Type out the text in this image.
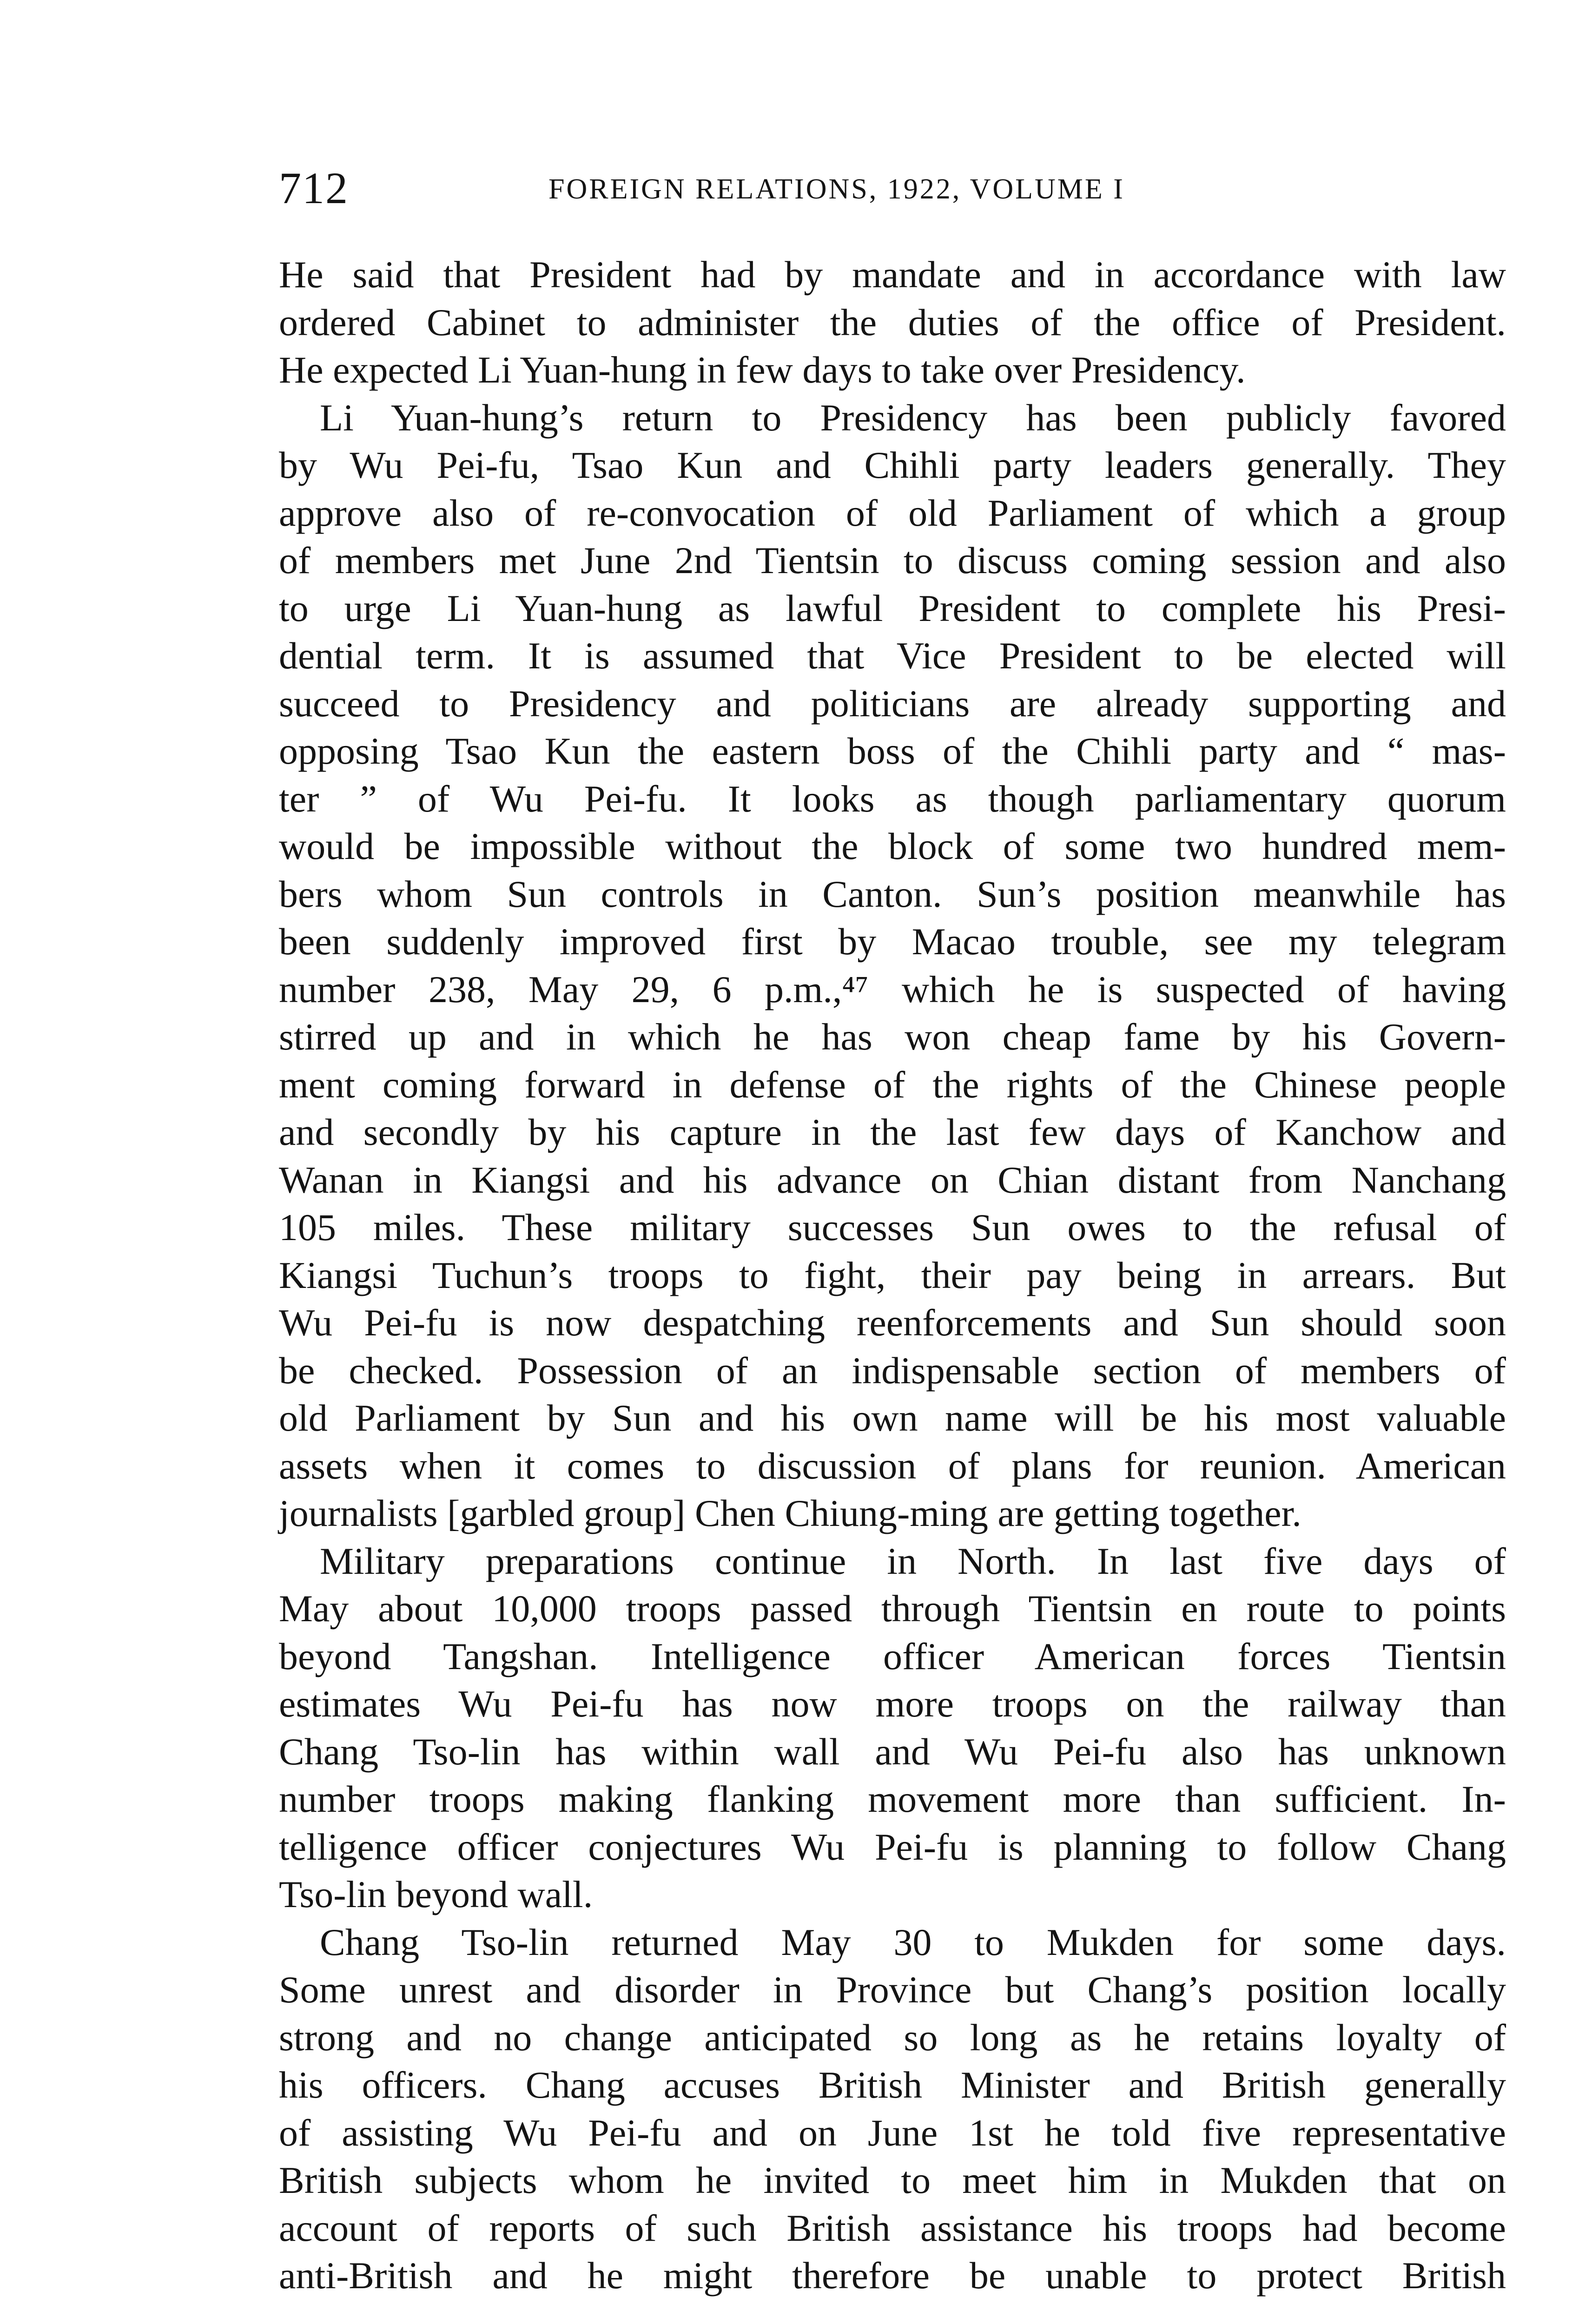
712	FOREIGN RELATIONS, 1922, VOLUME I
He said that President had by mandate and in accordance with law
ordered Cabinet to administer the duties of the office of President.
He expected Li Yuan-hung in few days to take over Presidency.
Li Yuan-hung’s return to Presidency has been publicly favored
by Wu Pei-fu, Tsao Kun and Chihli party leaders generally. They
approve also of re-convocation of old Parliament of which a group
of members met June 2nd Tientsin to discuss coming session and also
to urge Li Yuan-hung as lawful President to complete his Presi-
dential term. It is assumed that Vice President to be elected will
succeed to Presidency and politicians are already supporting and
opposing Tsao Kun the eastern boss of the Chihli party and “ mas-
ter ” of Wu Pei-fu. It looks as though parliamentary quorum
would be impossible without the block of some two hundred mem-
bers whom Sun controls in Canton. Sun’s position meanwhile has
been suddenly improved first by Macao trouble, see my telegram
number 238, May 29, 6 p.m.,⁴⁷ which he is suspected of having
stirred up and in which he has won cheap fame by his Govern-
ment coming forward in defense of the rights of the Chinese people
and secondly by his capture in the last few days of Kanchow and
Wanan in Kiangsi and his advance on Chian distant from Nanchang
105 miles. These military successes Sun owes to the refusal of
Kiangsi Tuchun’s troops to fight, their pay being in arrears. But
Wu Pei-fu is now despatching reenforcements and Sun should soon
be checked. Possession of an indispensable section of members of
old Parliament by Sun and his own name will be his most valuable
assets when it comes to discussion of plans for reunion. American
journalists [garbled group] Chen Chiung-ming are getting together.
Military preparations continue in North. In last five days of
May about 10,000 troops passed through Tientsin en route to points
beyond Tangshan. Intelligence officer American forces Tientsin
estimates Wu Pei-fu has now more troops on the railway than
Chang Tso-lin has within wall and Wu Pei-fu also has unknown
number troops making flanking movement more than sufficient. In-
telligence officer conjectures Wu Pei-fu is planning to follow Chang
Tso-lin beyond wall.
Chang Tso-lin returned May 30 to Mukden for some days.
Some unrest and disorder in Province but Chang’s position locally
strong and no change anticipated so long as he retains loyalty of
his officers. Chang accuses British Minister and British generally
of assisting Wu Pei-fu and on June 1st he told five representative
British subjects whom he invited to meet him in Mukden that on
account of reports of such British assistance his troops had become
anti-British and he might therefore be unable to protect British
